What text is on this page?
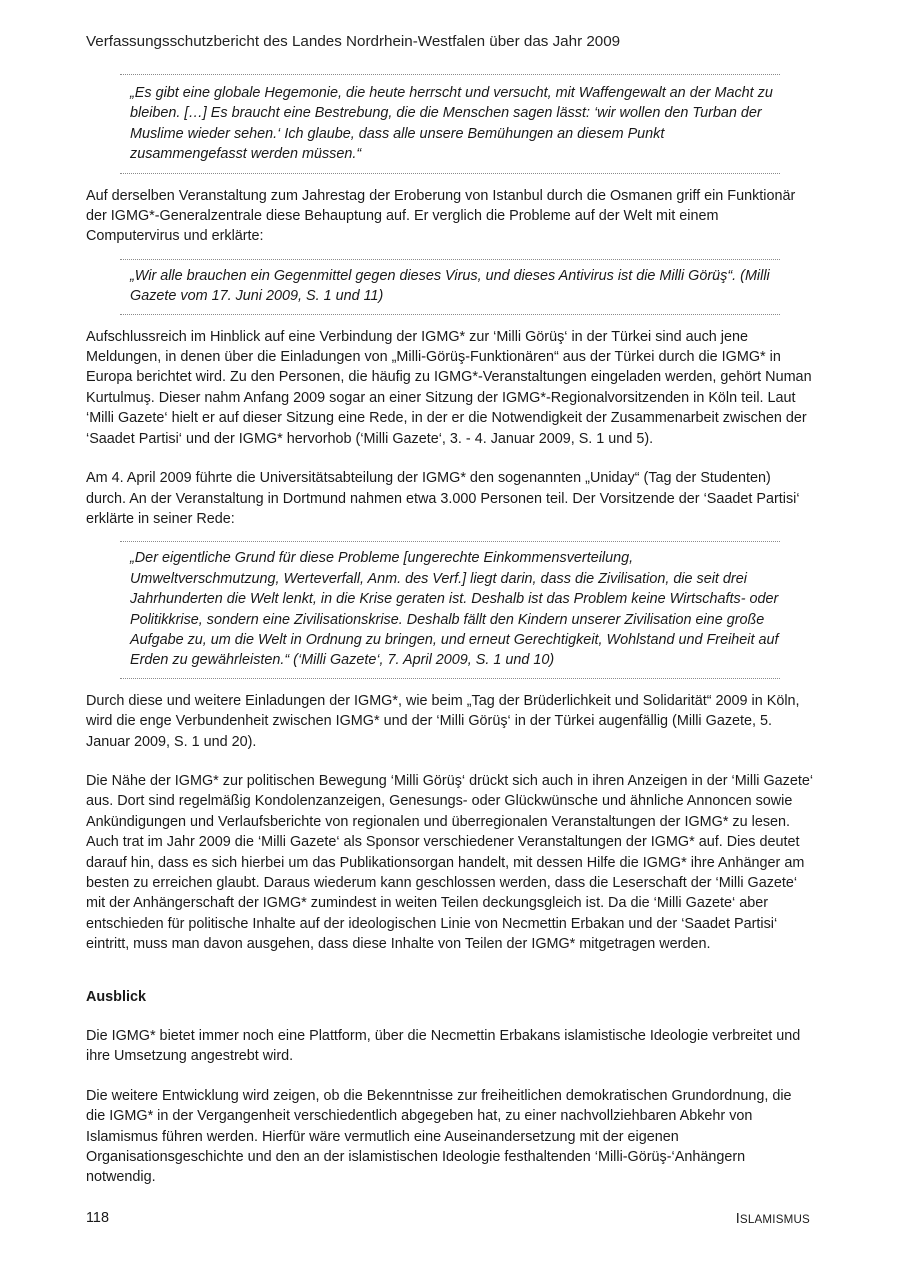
Verfassungsschutzbericht des Landes Nordrhein-Westfalen über das Jahr 2009

„Es gibt eine globale Hegemonie, die heute herrscht und versucht, mit Waffengewalt an der Macht zu bleiben. […] Es braucht eine Bestrebung, die die Menschen sagen lässt: ‘wir wollen den Turban der Muslime wieder sehen.‘ Ich glaube, dass alle unsere Bemühungen an diesem Punkt zusammengefasst werden müssen.“

Auf derselben Veranstaltung zum Jahrestag der Eroberung von Istanbul durch die Osmanen griff ein Funktionär der IGMG*-Generalzentrale diese Behauptung auf. Er verglich die Probleme auf der Welt mit einem Computervirus und erklärte:

„Wir alle brauchen ein Gegenmittel gegen dieses Virus, und dieses Antivirus ist die Milli Görüş“. (Milli Gazete vom 17. Juni 2009, S. 1 und 11)

Aufschlussreich im Hinblick auf eine Verbindung der IGMG* zur ‘Milli Görüş‘ in der Türkei sind auch jene Meldungen, in denen über die Einladungen von „Milli-Görüş-Funktionären“ aus der Türkei durch die IGMG* in Europa berichtet wird. Zu den Personen, die häufig zu IGMG*-Veranstaltungen eingeladen werden, gehört Numan Kurtulmuş. Dieser nahm Anfang 2009 sogar an einer Sitzung der IGMG*-Regionalvorsitzenden in Köln teil. Laut ‘Milli Gazete‘ hielt er auf dieser Sitzung eine Rede, in der er die Notwendigkeit der Zusammenarbeit zwischen der ‘Saadet Partisi‘ und der IGMG* hervorhob (‘Milli Gazete‘, 3. - 4. Januar 2009, S. 1 und 5).

Am 4. April 2009 führte die Universitätsabteilung der IGMG* den sogenannten „Uniday“ (Tag der Studenten) durch. An der Veranstaltung in Dortmund nahmen etwa 3.000 Personen teil. Der Vorsitzende der ‘Saadet Partisi‘ erklärte in seiner Rede:

„Der eigentliche Grund für diese Probleme [ungerechte Einkommensverteilung, Umweltverschmutzung, Werteverfall, Anm. des Verf.] liegt darin, dass die Zivilisation, die seit drei Jahrhunderten die Welt lenkt, in die Krise geraten ist. Deshalb ist das Problem keine Wirtschafts- oder Politikkrise, sondern eine Zivilisationskrise. Deshalb fällt den Kindern unserer Zivilisation eine große Aufgabe zu, um die Welt in Ordnung zu bringen, und erneut Gerechtigkeit, Wohlstand und Freiheit auf Erden zu gewährleisten.“ (‘Milli Gazete‘, 7. April 2009, S. 1 und 10)

Durch diese und weitere Einladungen der IGMG*, wie beim „Tag der Brüderlichkeit und Solidarität“ 2009 in Köln, wird die enge Verbundenheit zwischen IGMG* und der ‘Milli Görüş‘ in der Türkei augenfällig (Milli Gazete, 5. Januar 2009, S. 1 und 20).

Die Nähe der IGMG* zur politischen Bewegung ‘Milli Görüş‘ drückt sich auch in ihren Anzeigen in der ‘Milli Gazete‘ aus. Dort sind regelmäßig Kondolenzanzeigen, Genesungs- oder Glückwünsche und ähnliche Annoncen sowie Ankündigungen und Verlaufsberichte von regionalen und überregionalen Veranstaltungen der IGMG* zu lesen. Auch trat im Jahr 2009 die ‘Milli Gazete‘ als Sponsor verschiedener Veranstaltungen der IGMG* auf. Dies deutet darauf hin, dass es sich hierbei um das Publikationsorgan handelt, mit dessen Hilfe die IGMG* ihre Anhänger am besten zu erreichen glaubt. Daraus wiederum kann geschlossen werden, dass die Leserschaft der ‘Milli Gazete‘ mit der Anhängerschaft der IGMG* zumindest in weiten Teilen deckungsgleich ist. Da die ‘Milli Gazete‘ aber entschieden für politische Inhalte auf der ideologischen Linie von Necmettin Erbakan und der ‘Saadet Partisi‘ eintritt, muss man davon ausgehen, dass diese Inhalte von Teilen der IGMG* mitgetragen werden.

Ausblick

Die IGMG* bietet immer noch eine Plattform, über die Necmettin Erbakans islamistische Ideologie verbreitet und ihre Umsetzung angestrebt wird.

Die weitere Entwicklung wird zeigen, ob die Bekenntnisse zur freiheitlichen demokratischen Grundordnung, die die IGMG* in der Vergangenheit verschiedentlich abgegeben hat, zu einer nachvollziehbaren Abkehr von Islamismus führen werden. Hierfür wäre vermutlich eine Auseinandersetzung mit der eigenen Organisationsgeschichte und den an der islamistischen Ideologie festhaltenden ‘Milli-Görüş-‘Anhängern notwendig.

118	ISLAMISMUS
